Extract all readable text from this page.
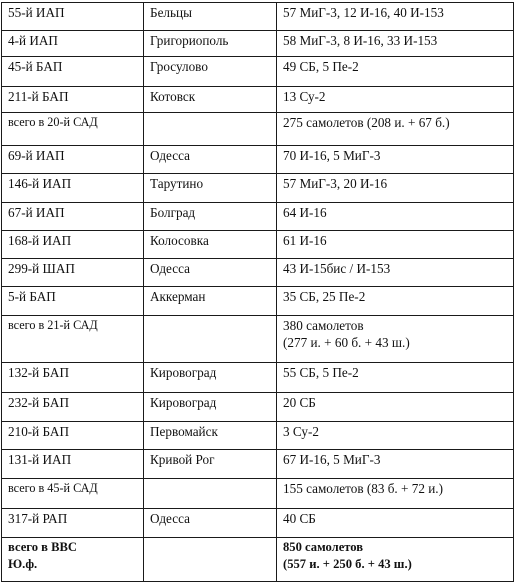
55-й ИАП	Бельцы	57 МиГ-3, 12 И-16, 40 И-153

4-й ИАП	Григориополь	58 МиГ-3, 8 И-16, 33 И-153

45-й БАП	Гросулово	49 СБ, 5 Пе-2

211-й БАП	Котовск	13 Су-2

всего в 20-й САД		275 самолетов (208 и. + 67 б.)

69-й ИАП	Одесса	70 И-16, 5 МиГ-3

146-й ИАП	Тарутино	57 МиГ-3, 20 И-16

67-й ИАП	Болград	64 И-16

168-й ИАП	Колосовка	61 И-16

299-й ШАП	Одесса	43 И-15бис / И-153

5-й БАП	Аккерман	35 СБ, 25 Пе-2

всего в 21-й САД		380 самолетов
(277 и. + 60 б. + 43 ш.)

132-й БАП	Кировоград	55 СБ, 5 Пе-2

232-й БАП	Кировоград	20 СБ

210-й БАП	Первомайск	3 Су-2

131-й ИАП	Кривой Рог	67 И-16, 5 МиГ-3

всего в 45-й САД		155 самолетов (83 б. + 72 и.)

317-й РАП	Одесса	40 СБ

всего в ВВС
Ю.ф.		850 самолетов
(557 и. + 250 б. + 43 ш.)
